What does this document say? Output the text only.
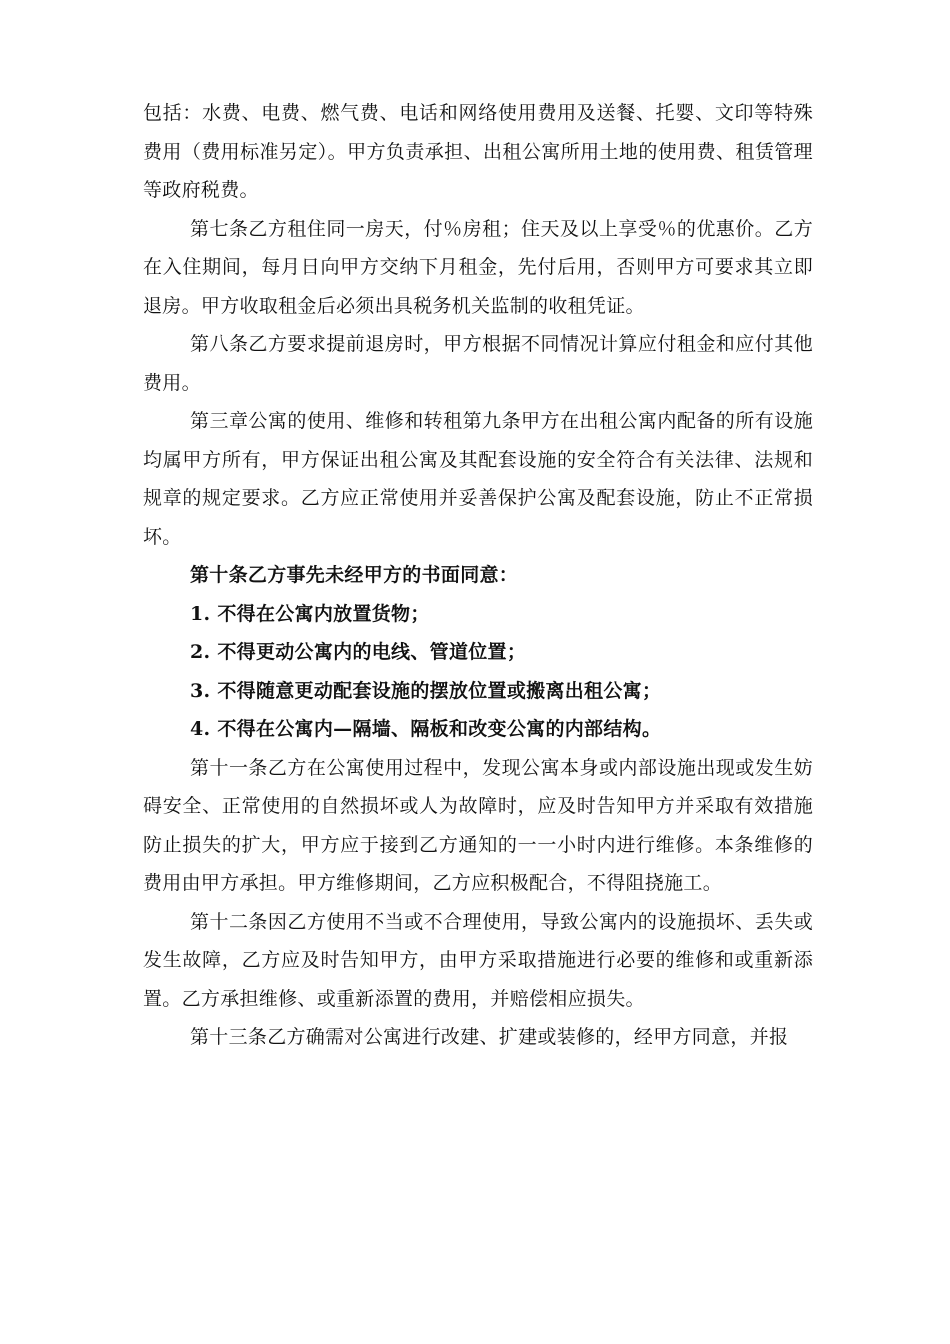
包括：水费、电费、燃气费、电话和网络使用费用及送餐、托婴、文印等特殊费用（费用标准另定）。甲方负责承担、出租公寓所用土地的使用费、租赁管理等政府税费。

第七条乙方租住同一房天，付％房租；住天及以上享受％的优惠价。乙方在入住期间，每月日向甲方交纳下月租金，先付后用，否则甲方可要求其立即退房。甲方收取租金后必须出具税务机关监制的收租凭证。

第八条乙方要求提前退房时，甲方根据不同情况计算应付租金和应付其他费用。

第三章公寓的使用、维修和转租第九条甲方在出租公寓内配备的所有设施均属甲方所有，甲方保证出租公寓及其配套设施的安全符合有关法律、法规和规章的规定要求。乙方应正常使用并妥善保护公寓及配套设施，防止不正常损坏。

第十条乙方事先未经甲方的书面同意：

1. 不得在公寓内放置货物；

2. 不得更动公寓内的电线、管道位置；

3. 不得随意更动配套设施的摆放位置或搬离出租公寓；

4. 不得在公寓内—隔墙、隔板和改变公寓的内部结构。

第十一条乙方在公寓使用过程中，发现公寓本身或内部设施出现或发生妨碍安全、正常使用的自然损坏或人为故障时，应及时告知甲方并采取有效措施防止损失的扩大，甲方应于接到乙方通知的一一小时内进行维修。本条维修的费用由甲方承担。甲方维修期间，乙方应积极配合，不得阻挠施工。

第十二条因乙方使用不当或不合理使用，导致公寓内的设施损坏、丢失或发生故障，乙方应及时告知甲方，由甲方采取措施进行必要的维修和或重新添置。乙方承担维修、或重新添置的费用，并赔偿相应损失。

第十三条乙方确需对公寓进行改建、扩建或装修的，经甲方同意，并报
